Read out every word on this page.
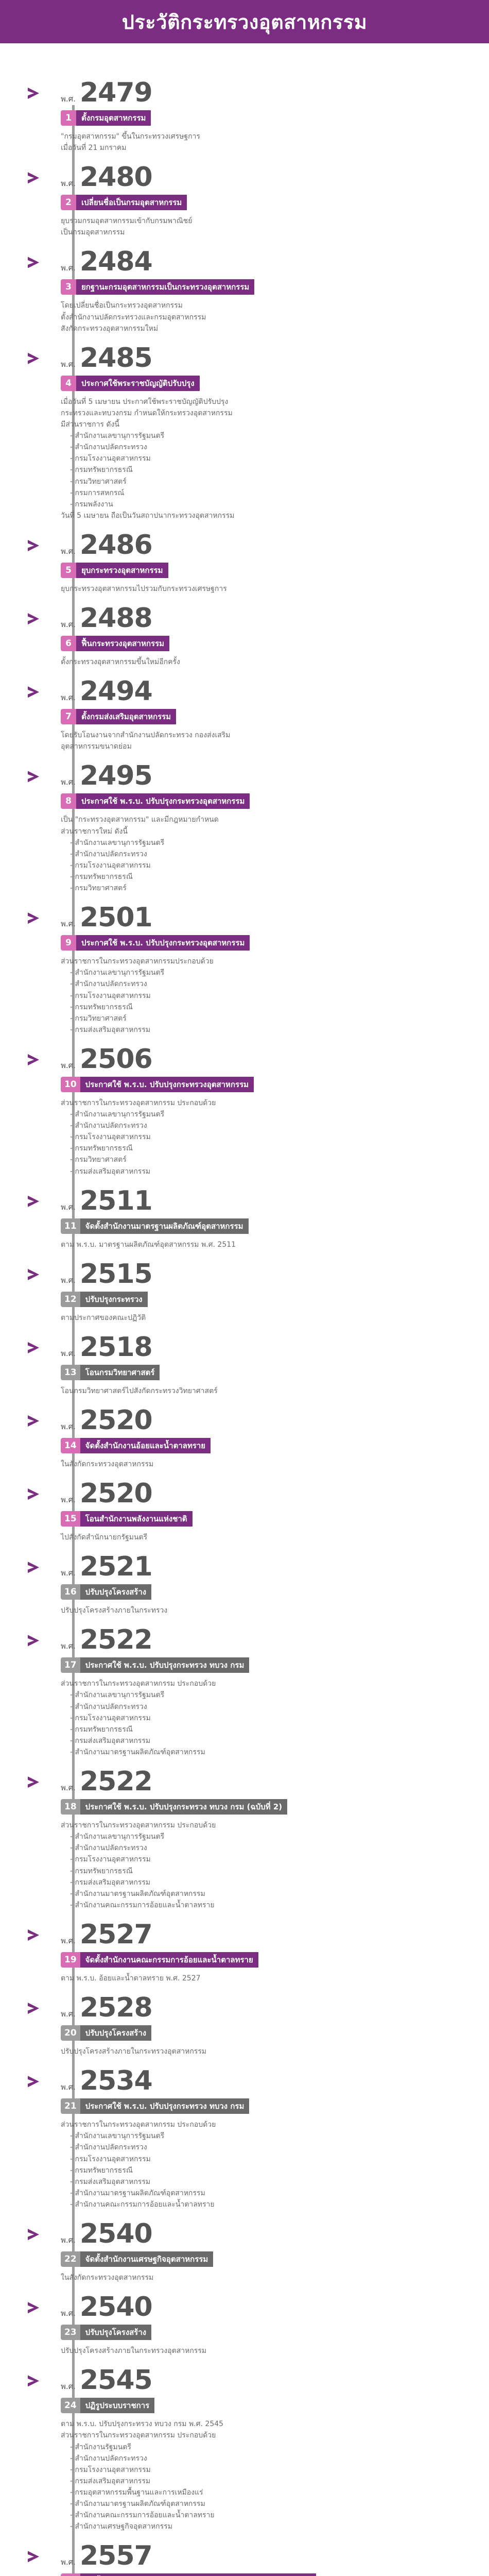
ประวัติกระทรวงอุตสาหกรรม
พ.ศ. 2479
1	ตั้งกรมอุตสาหกรรม

"กรมอุตสาหกรรม" ขึ้นในกระทรวงเศรษฐการ

เมื่อวันที่ 21 มกราคม

พ.ศ. 2480
2	เปลี่ยนชื่อเป็นกรมอุตสาหกรรม

ยุบรวมกรมอุตสาหกรรมเข้ากับกรมพาณิชย์

เป็นกรมอุตสาหกรรม

พ.ศ. 2484
3	ยกฐานะกรมอุตสาหกรรมเป็นกระทรวงอุตสาหกรรม

โดยเปลี่ยนชื่อเป็นกระทรวงอุตสาหกรรม

ตั้งสำนักงานปลัดกระทรวงและกรมอุตสาหกรรม

สังกัดกระทรวงอุตสาหกรรมใหม่

พ.ศ. 2485
4	ประกาศใช้พระราชบัญญัติปรับปรุง

เมื่อวันที่ 5 เมษายน ประกาศใช้พระราชบัญญัติปรับปรุง

กระทรวงและทบวงกรม กำหนดให้กระทรวงอุตสาหกรรม

มีส่วนราชการ ดังนี้

- สำนักงานเลขานุการรัฐมนตรี

- สำนักงานปลัดกระทรวง

- กรมโรงงานอุตสาหกรรม

- กรมทรัพยากรธรณี

- กรมวิทยาศาสตร์

- กรมการสหกรณ์

- กรมพลังงาน

วันที่ 5 เมษายน ถือเป็นวันสถาปนากระทรวงอุตสาหกรรม

พ.ศ. 2486
5	ยุบกระทรวงอุตสาหกรรม

ยุบกระทรวงอุตสาหกรรมไปรวมกับกระทรวงเศรษฐการ

พ.ศ. 2488
6	ฟื้นกระทรวงอุตสาหกรรม

ตั้งกระทรวงอุตสาหกรรมขึ้นใหม่อีกครั้ง

พ.ศ. 2494
7	ตั้งกรมส่งเสริมอุตสาหกรรม

โดยรับโอนงานจากสำนักงานปลัดกระทรวง กองส่งเสริม

อุตสาหกรรมขนาดย่อม

พ.ศ. 2495
8	ประกาศใช้ พ.ร.บ. ปรับปรุงกระทรวงอุตสาหกรรม

เป็น "กระทรวงอุตสาหกรรม" และมีกฎหมายกำหนด

ส่วนราชการใหม่ ดังนี้

- สำนักงานเลขานุการรัฐมนตรี

- สำนักงานปลัดกระทรวง

- กรมโรงงานอุตสาหกรรม

- กรมทรัพยากรธรณี

- กรมวิทยาศาสตร์

พ.ศ. 2501
9	ประกาศใช้ พ.ร.บ. ปรับปรุงกระทรวงอุตสาหกรรม

ส่วนราชการในกระทรวงอุตสาหกรรมประกอบด้วย

- สำนักงานเลขานุการรัฐมนตรี

- สำนักงานปลัดกระทรวง

- กรมโรงงานอุตสาหกรรม

- กรมทรัพยากรธรณี

- กรมวิทยาศาสตร์

- กรมส่งเสริมอุตสาหกรรม

พ.ศ. 2506
10	ประกาศใช้ พ.ร.บ. ปรับปรุงกระทรวงอุตสาหกรรม

ส่วนราชการในกระทรวงอุตสาหกรรม ประกอบด้วย

- สำนักงานเลขานุการรัฐมนตรี

- สำนักงานปลัดกระทรวง

- กรมโรงงานอุตสาหกรรม

- กรมทรัพยากรธรณี

- กรมวิทยาศาสตร์

- กรมส่งเสริมอุตสาหกรรม

พ.ศ. 2511
11	จัดตั้งสำนักงานมาตรฐานผลิตภัณฑ์อุตสาหกรรม

ตาม พ.ร.บ. มาตรฐานผลิตภัณฑ์อุตสาหกรรม พ.ศ. 2511

พ.ศ. 2515
12	ปรับปรุงกระทรวง

ตามประกาศของคณะปฏิวัติ

พ.ศ. 2518
13	โอนกรมวิทยาศาสตร์

โอนกรมวิทยาศาสตร์ไปสังกัดกระทรวงวิทยาศาสตร์

พ.ศ. 2520
14	จัดตั้งสำนักงานอ้อยและน้ำตาลทราย

ในสังกัดกระทรวงอุตสาหกรรม

พ.ศ. 2520
15	โอนสำนักงานพลังงานแห่งชาติ

ไปสังกัดสำนักนายกรัฐมนตรี

พ.ศ. 2521
16	ปรับปรุงโครงสร้าง

ปรับปรุงโครงสร้างภายในกระทรวง

พ.ศ. 2522
17	ประกาศใช้ พ.ร.บ. ปรับปรุงกระทรวง ทบวง กรม

ส่วนราชการในกระทรวงอุตสาหกรรม ประกอบด้วย

- สำนักงานเลขานุการรัฐมนตรี

- สำนักงานปลัดกระทรวง

- กรมโรงงานอุตสาหกรรม

- กรมทรัพยากรธรณี

- กรมส่งเสริมอุตสาหกรรม

- สำนักงานมาตรฐานผลิตภัณฑ์อุตสาหกรรม

พ.ศ. 2522
18	ประกาศใช้ พ.ร.บ. ปรับปรุงกระทรวง ทบวง กรม (ฉบับที่ 2)

ส่วนราชการในกระทรวงอุตสาหกรรม ประกอบด้วย

- สำนักงานเลขานุการรัฐมนตรี

- สำนักงานปลัดกระทรวง

- กรมโรงงานอุตสาหกรรม

- กรมทรัพยากรธรณี

- กรมส่งเสริมอุตสาหกรรม

- สำนักงานมาตรฐานผลิตภัณฑ์อุตสาหกรรม

- สำนักงานคณะกรรมการอ้อยและน้ำตาลทราย

พ.ศ. 2527
19	จัดตั้งสำนักงานคณะกรรมการอ้อยและน้ำตาลทราย

ตาม พ.ร.บ. อ้อยและน้ำตาลทราย พ.ศ. 2527

พ.ศ. 2528
20	ปรับปรุงโครงสร้าง

ปรับปรุงโครงสร้างภายในกระทรวงอุตสาหกรรม

พ.ศ. 2534
21	ประกาศใช้ พ.ร.บ. ปรับปรุงกระทรวง ทบวง กรม

ส่วนราชการในกระทรวงอุตสาหกรรม ประกอบด้วย

- สำนักงานเลขานุการรัฐมนตรี

- สำนักงานปลัดกระทรวง

- กรมโรงงานอุตสาหกรรม

- กรมทรัพยากรธรณี

- กรมส่งเสริมอุตสาหกรรม

- สำนักงานมาตรฐานผลิตภัณฑ์อุตสาหกรรม

- สำนักงานคณะกรรมการอ้อยและน้ำตาลทราย

พ.ศ. 2540
22	จัดตั้งสำนักงานเศรษฐกิจอุตสาหกรรม

ในสังกัดกระทรวงอุตสาหกรรม

พ.ศ. 2540
23	ปรับปรุงโครงสร้าง

ปรับปรุงโครงสร้างภายในกระทรวงอุตสาหกรรม

พ.ศ. 2545
24	ปฏิรูประบบราชการ

ตาม พ.ร.บ. ปรับปรุงกระทรวง ทบวง กรม พ.ศ. 2545

ส่วนราชการในกระทรวงอุตสาหกรรม ประกอบด้วย

- สำนักงานรัฐมนตรี

- สำนักงานปลัดกระทรวง

- กรมโรงงานอุตสาหกรรม

- กรมส่งเสริมอุตสาหกรรม

- กรมอุตสาหกรรมพื้นฐานและการเหมืองแร่

- สำนักงานมาตรฐานผลิตภัณฑ์อุตสาหกรรม

- สำนักงานคณะกรรมการอ้อยและน้ำตาลทราย

- สำนักงานเศรษฐกิจอุตสาหกรรม

พ.ศ. 2557
